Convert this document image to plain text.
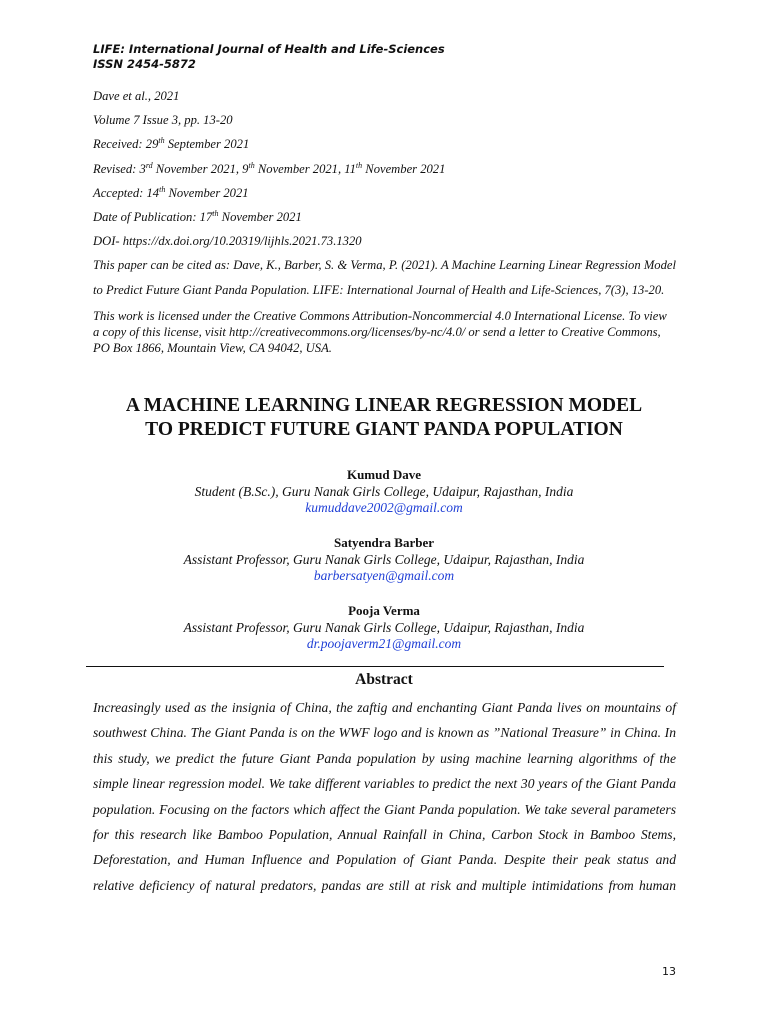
LIFE: International Journal of Health and Life-Sciences
ISSN 2454-5872
Dave et al., 2021
Volume 7 Issue 3, pp. 13-20
Received: 29th September 2021
Revised: 3rd November 2021, 9th November 2021, 11th November 2021
Accepted: 14th November 2021
Date of Publication: 17th November 2021
DOI- https://dx.doi.org/10.20319/lijhls.2021.73.1320
This paper can be cited as: Dave, K., Barber, S. & Verma, P. (2021). A Machine Learning Linear Regression Model to Predict Future Giant Panda Population. LIFE: International Journal of Health and Life-Sciences, 7(3), 13-20.
This work is licensed under the Creative Commons Attribution-Noncommercial 4.0 International License. To view a copy of this license, visit http://creativecommons.org/licenses/by-nc/4.0/ or send a letter to Creative Commons, PO Box 1866, Mountain View, CA 94042, USA.
A MACHINE LEARNING LINEAR REGRESSION MODEL
TO PREDICT FUTURE GIANT PANDA POPULATION
Kumud Dave
Student (B.Sc.), Guru Nanak Girls College, Udaipur, Rajasthan, India
kumuddave2002@gmail.com
Satyendra Barber
Assistant Professor, Guru Nanak Girls College, Udaipur, Rajasthan, India
barbersatyen@gmail.com
Pooja Verma
Assistant Professor, Guru Nanak Girls College, Udaipur, Rajasthan, India
dr.poojaverm21@gmail.com
Abstract
Increasingly used as the insignia of China, the zaftig and enchanting Giant Panda lives on mountains of southwest China. The Giant Panda is on the WWF logo and is known as ”National Treasure” in China. In this study, we predict the future Giant Panda population by using machine learning algorithms of the simple linear regression model. We take different variables to predict the next 30 years of the Giant Panda population. Focusing on the factors which affect the Giant Panda population. We take several parameters for this research like Bamboo Population, Annual Rainfall in China, Carbon Stock in Bamboo Stems, Deforestation, and Human Influence and Population of Giant Panda. Despite their peak status and relative deficiency of natural predators, pandas are still at risk and multiple intimidations from human
13
